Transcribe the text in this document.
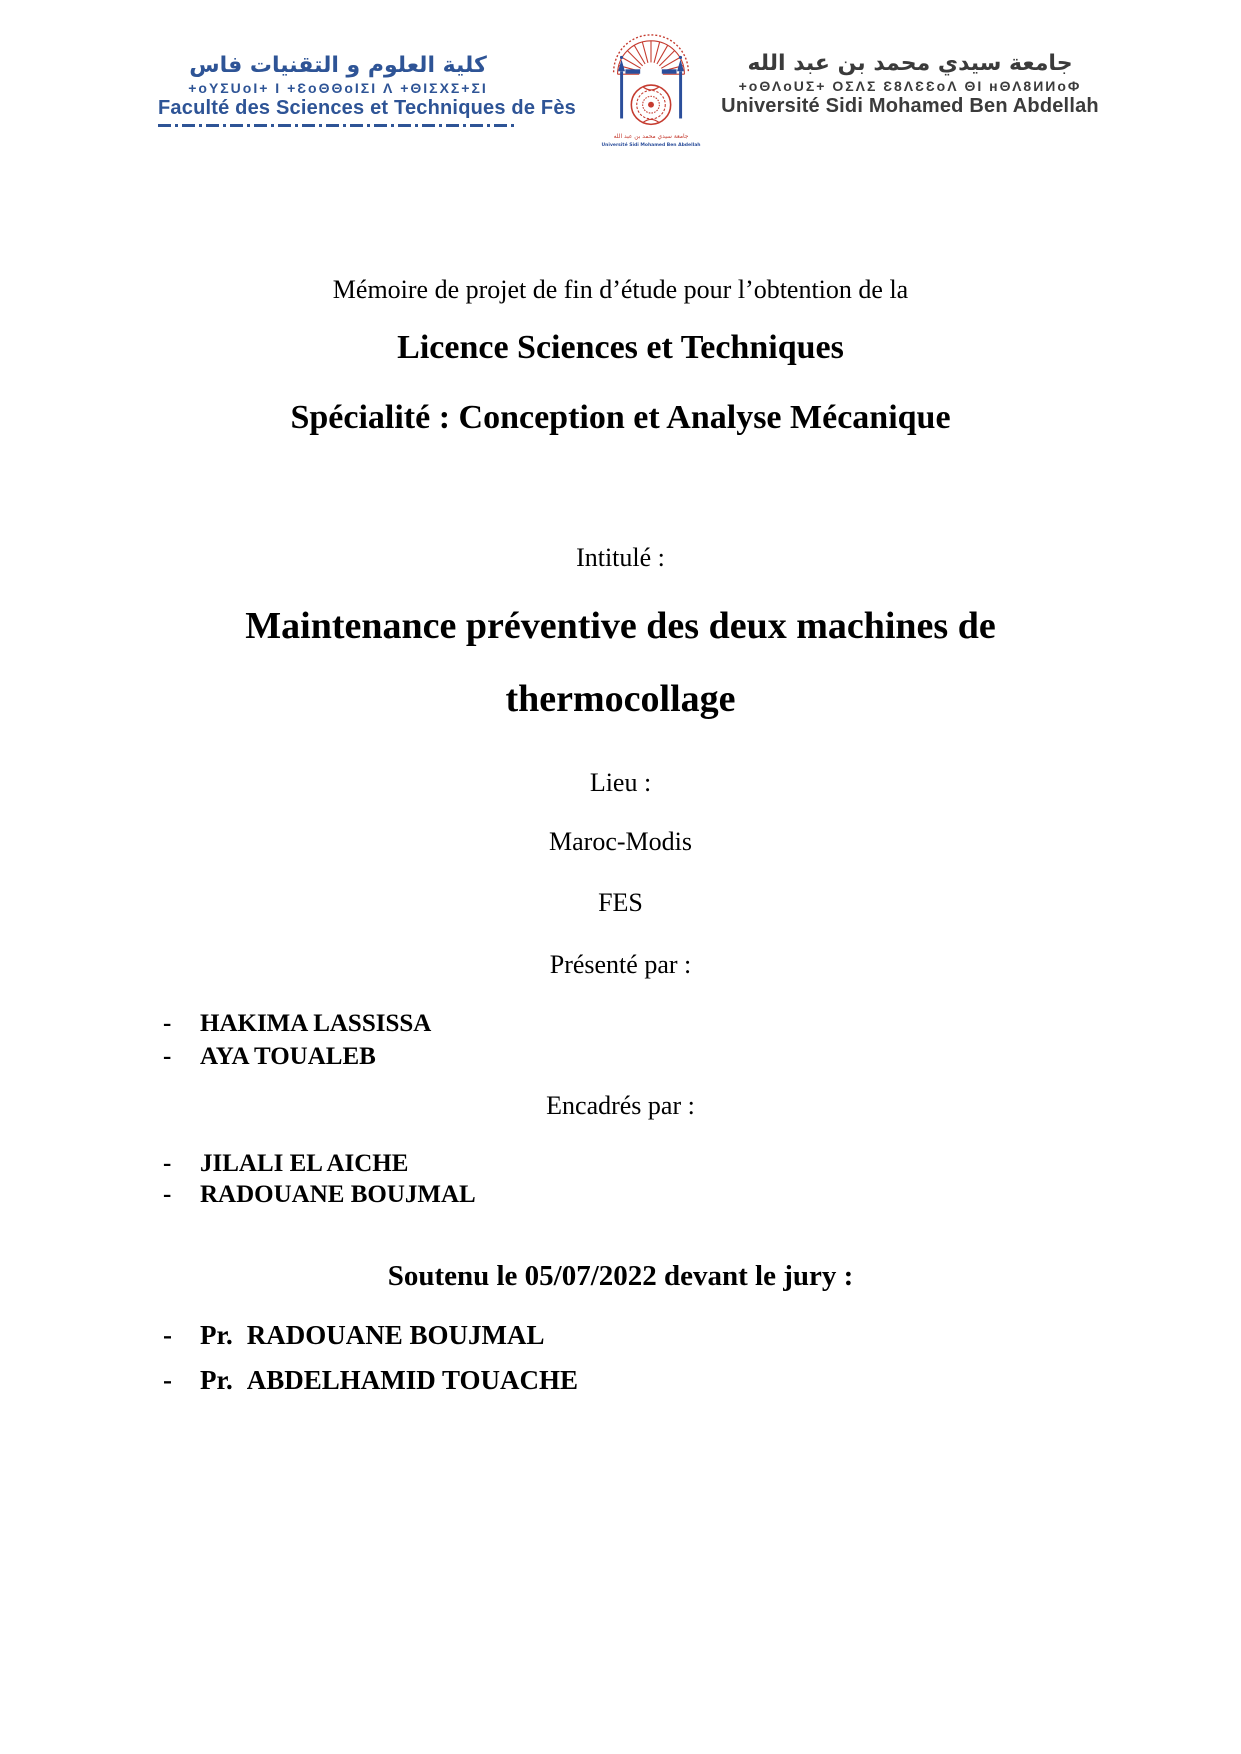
كلية العلوم و التقنيات فاس
+oYΣUoI+ I +ƐoΘΘoIΣI Λ +ΘIΣXΣ+ΣI
Faculté des Sciences et Techniques de Fès
جامعة سيدي محمد بن عبد الله
Université Sidi Mohamed Ben Abdellah
جامعة سيدي محمد بن عبد الله
+oΘΛoUΣ+ OΣΛΣ Ɛ8ΛƐƐoΛ ΘI ʜΘΛ8ИИoΦ
Université Sidi Mohamed Ben Abdellah
Mémoire de projet de fin d’étude pour l’obtention de la
Licence Sciences et Techniques
Spécialité : Conception et Analyse Mécanique
Intitulé :
Maintenance préventive des deux machines de
thermocollage
Lieu :
Maroc-Modis
FES
Présenté par :
-	HAKIMA LASSISSA
-	AYA TOUALEB
Encadrés par :
-	JILALI EL AICHE
-	RADOUANE BOUJMAL
Soutenu le 05/07/2022 devant le jury :
-	Pr. RADOUANE BOUJMAL
-	Pr. ABDELHAMID TOUACHE
